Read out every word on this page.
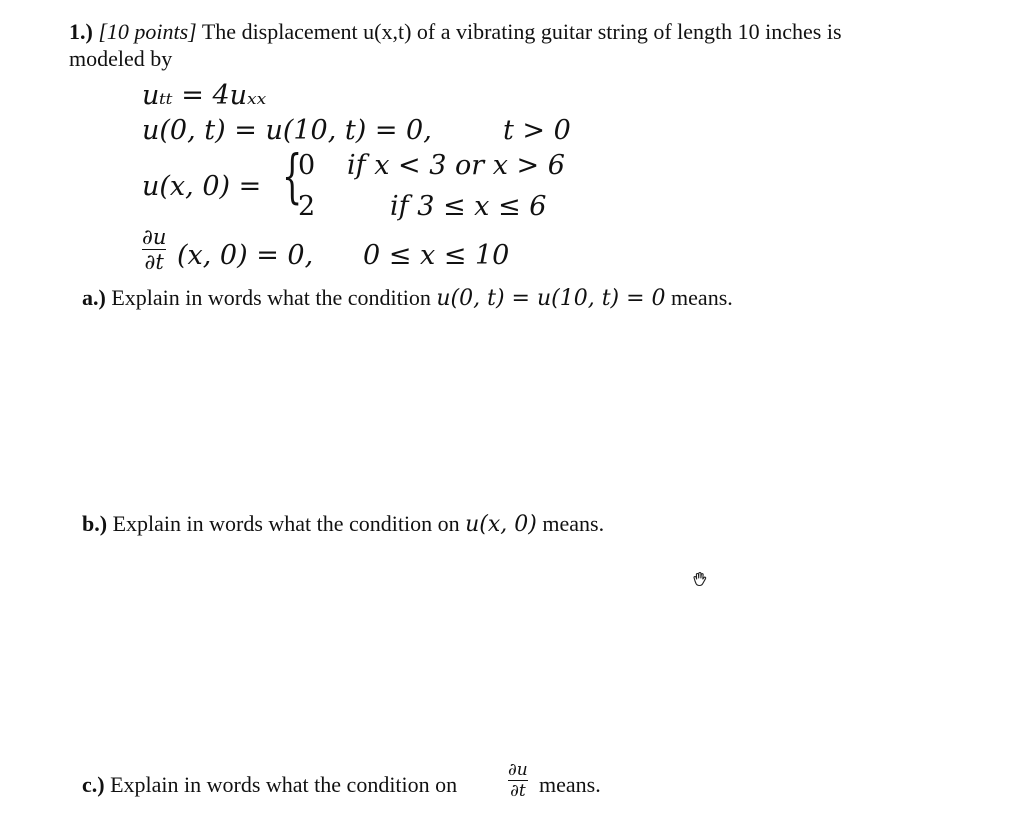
1.) [10 points] The displacement u(x,t) of a vibrating guitar string of length 10 inches is
modeled by
uₜₜ = 4uₓₓ
u(0, t) = u(10, t) = 0,	t > 0
u(x, 0) = {
0 if x < 3 or x > 6
2	if 3 ≤ x ≤ 6
$\frac{\partial u}{\partial t} (x$, 0) = 0, 0 ≤ x ≤ 10
a.) Explain in words what the condition u(0, t) = u(10, t) = 0 means.
b.) Explain in words what the condition on u(x, 0) means.
c.) Explain in words what the condition on	$\frac{\partial u}{\partial t}$ means.
